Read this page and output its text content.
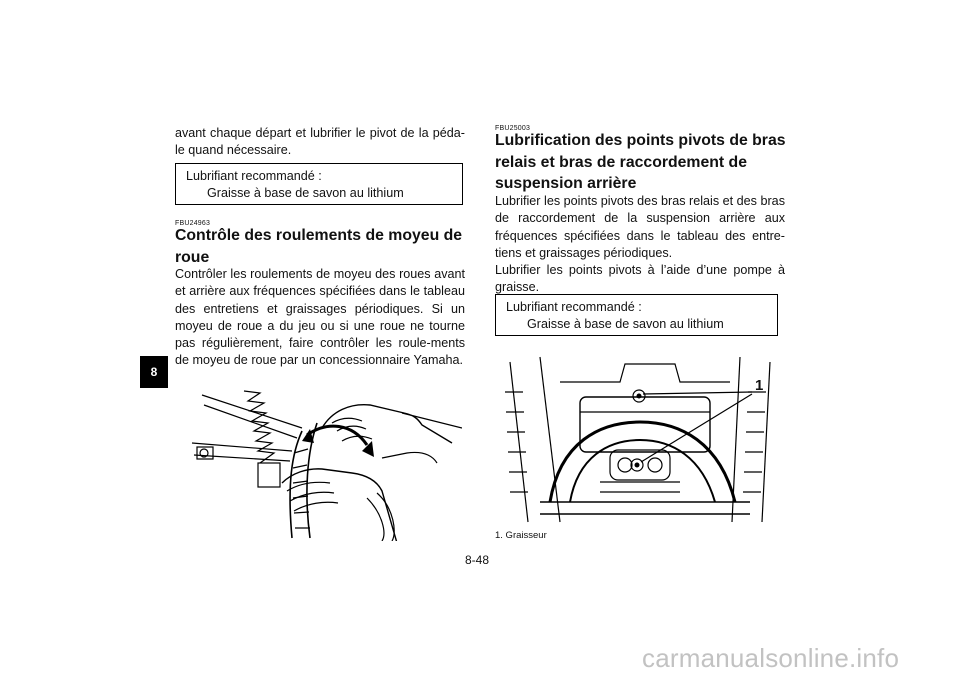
8

avant chaque départ et lubrifier le pivot de la péda-le quand nécessaire.

Lubrifiant recommandé :
Graisse à base de savon au lithium
FBU24963
Contrôle des roulements de moyeu de roue

Contrôler les roulements de moyeu des roues avant et arrière aux fréquences spécifiées dans le tableau des entretiens et graissages périodiques. Si un moyeu de roue a du jeu ou si une roue ne tourne pas régulièrement, faire contrôler les roule-ments de moyeu de roue par un concessionnaire Yamaha.

FBU25003
Lubrification des points pivots de bras relais et bras de raccordement de suspension arrière

Lubrifier les points pivots des bras relais et des bras de raccordement de la suspension arrière aux fréquences spécifiées dans le tableau des entre-tiens et graissages périodiques.

Lubrifier les points pivots à l’aide d’une pompe à graisse.

Lubrifiant recommandé :
Graisse à base de savon au lithium
1
1. Graisseur
8-48
carmanualsonline.info
